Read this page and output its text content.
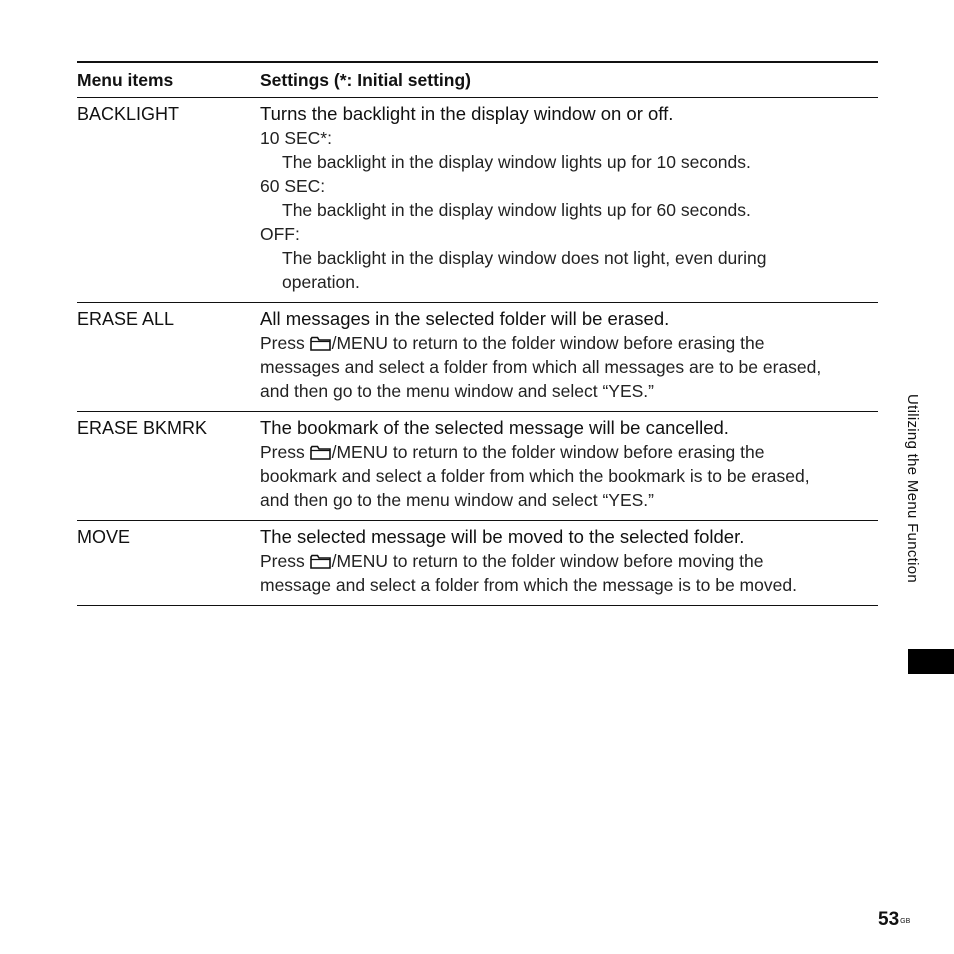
Menu items	Settings (*: Initial setting)
BACKLIGHT	Turns the backlight in the display window on or off.
10 SEC*:
The backlight in the display window lights up for 10 seconds.
60 SEC:
The backlight in the display window lights up for 60 seconds.
OFF:
The backlight in the display window does not light, even during
operation.
ERASE ALL	All messages in the selected folder will be erased.
Press /MENU to return to the folder window before erasing the
messages and select a folder from which all messages are to be erased,
and then go to the menu window and select “YES.”
ERASE BKMRK	The bookmark of the selected message will be cancelled.
Press /MENU to return to the folder window before erasing the
bookmark and select a folder from which the bookmark is to be erased,
and then go to the menu window and select “YES.”
MOVE	The selected message will be moved to the selected folder.
Press /MENU to return to the folder window before moving the
message and select a folder from which the message is to be moved.
Utilizing the Menu Function
$53^{GB}$
